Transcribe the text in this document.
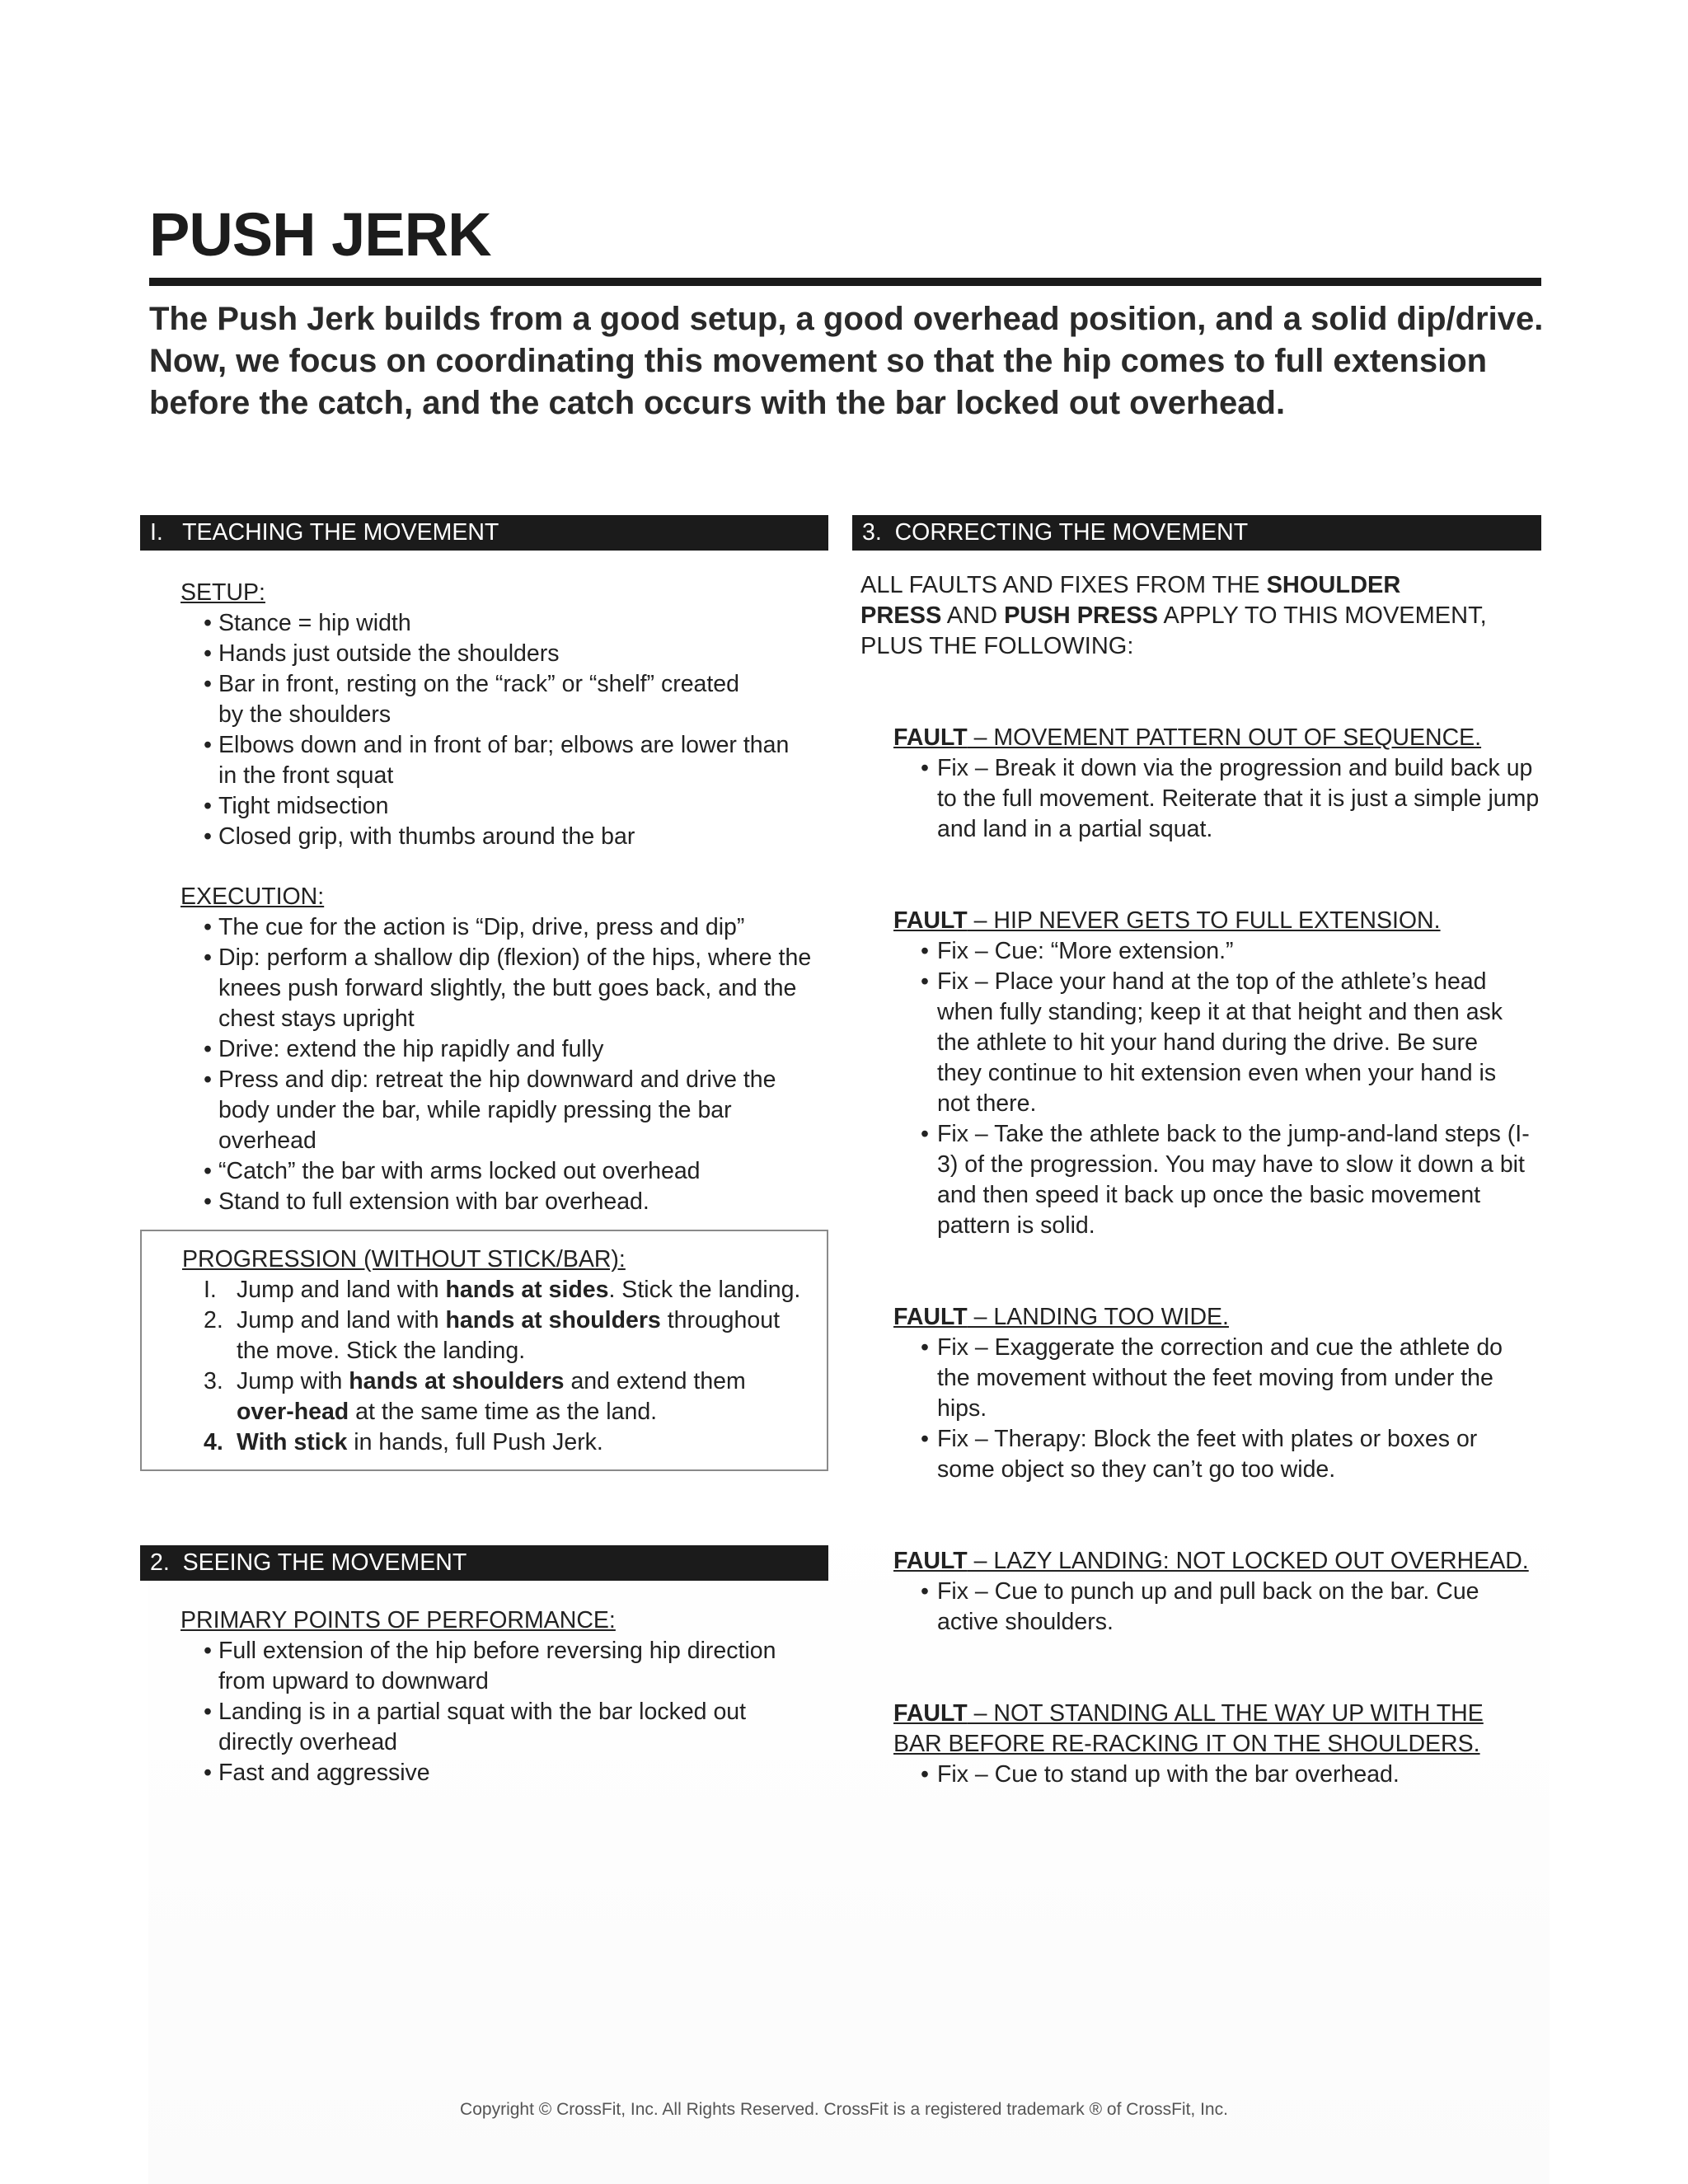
PUSH JERK

The Push Jerk builds from a good setup, a good overhead position, and a solid dip/drive. Now, we focus on coordinating this movement so that the hip comes to full extension before the catch, and the catch occurs with the bar locked out overhead.

I.   TEACHING THE MOVEMENT
SETUP:
• Stance = hip width
• Hands just outside the shoulders
• Bar in front, resting on the “rack” or “shelf” created by the shoulders
• Elbows down and in front of bar; elbows are lower than in the front squat
• Tight midsection
• Closed grip, with thumbs around the bar
EXECUTION:
• The cue for the action is “Dip, drive, press and dip”
• Dip: perform a shallow dip (flexion) of the hips, where the knees push forward slightly, the butt goes back, and the chest stays upright
• Drive: extend the hip rapidly and fully
• Press and dip: retreat the hip downward and drive the body under the bar, while rapidly pressing the bar overhead
• “Catch” the bar with arms locked out overhead
• Stand to full extension with bar overhead.
PROGRESSION (WITHOUT STICK/BAR):
I. Jump and land with hands at sides. Stick the landing.
2. Jump and land with hands at shoulders throughout the move. Stick the landing.
3. Jump with hands at shoulders and extend them over-head at the same time as the land.
4. With stick in hands, full Push Jerk.
2.  SEEING THE MOVEMENT
PRIMARY POINTS OF PERFORMANCE:
• Full extension of the hip before reversing hip direction from upward to downward
• Landing is in a partial squat with the bar locked out directly overhead
• Fast and aggressive
3.  CORRECTING THE MOVEMENT
ALL FAULTS AND FIXES FROM THE SHOULDER PRESS AND PUSH PRESS APPLY TO THIS MOVEMENT, PLUS THE FOLLOWING:
FAULT – MOVEMENT PATTERN OUT OF SEQUENCE.
• Fix – Break it down via the progression and build back up to the full movement. Reiterate that it is just a simple jump and land in a partial squat.
FAULT – HIP NEVER GETS TO FULL EXTENSION.
• Fix – Cue: “More extension.”
• Fix – Place your hand at the top of the athlete’s head when fully standing; keep it at that height and then ask the athlete to hit your hand during the drive. Be sure they continue to hit extension even when your hand is not there.
• Fix – Take the athlete back to the jump-and-land steps (I-3) of the progression. You may have to slow it down a bit and then speed it back up once the basic movement pattern is solid.
FAULT – LANDING TOO WIDE.
• Fix – Exaggerate the correction and cue the athlete do the movement without the feet moving from under the hips.
• Fix – Therapy: Block the feet with plates or boxes or some object so they can’t go too wide.
FAULT – LAZY LANDING: NOT LOCKED OUT OVERHEAD.
• Fix – Cue to punch up and pull back on the bar. Cue active shoulders.
FAULT – NOT STANDING ALL THE WAY UP WITH THE BAR BEFORE RE-RACKING IT ON THE SHOULDERS.
• Fix – Cue to stand up with the bar overhead.
Copyright © CrossFit, Inc. All Rights Reserved. CrossFit is a registered trademark ® of CrossFit, Inc.
